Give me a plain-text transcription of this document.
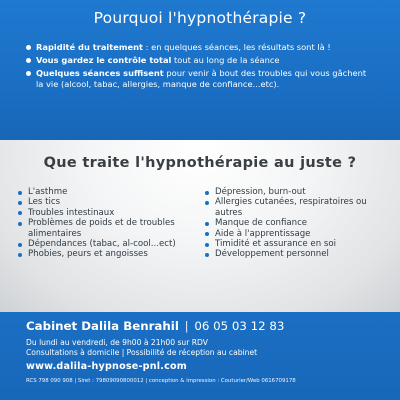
Pourquoi l'hypnothérapie ?
Rapidité du traitement : en quelques séances, les résultats sont là !
Vous gardez le contrôle total tout au long de la séance
Quelques séances suffisent pour venir à bout des troubles qui vous gâchent la vie (alcool, tabac, allergies, manque de confiance...etc).
Que traite l'hypnothérapie au juste ?
L'asthme
Les tics
Troubles intestinaux
Problèmes de poids et de troubles alimentaires
Dépendances (tabac, al-cool...ect)
Phobies, peurs et angoisses
Dépression, burn-out
Allergies cutanées, respiratoires ou autres
Manque de confiance
Aide à l'apprentissage
Timidité et assurance en soi
Développement personnel
Cabinet Dalila Benrahil | 06 05 03 12 83
Du lundi au vendredi, de 9h00 à 21h00 sur RDV
Consultations à domicile | Possibilité de réception au cabinet
www.dalila-hypnose-pnl.com
RCS 798 090 908 | Siret : 79809090800012 | conception & impression : Couturier/Web 0616709178
